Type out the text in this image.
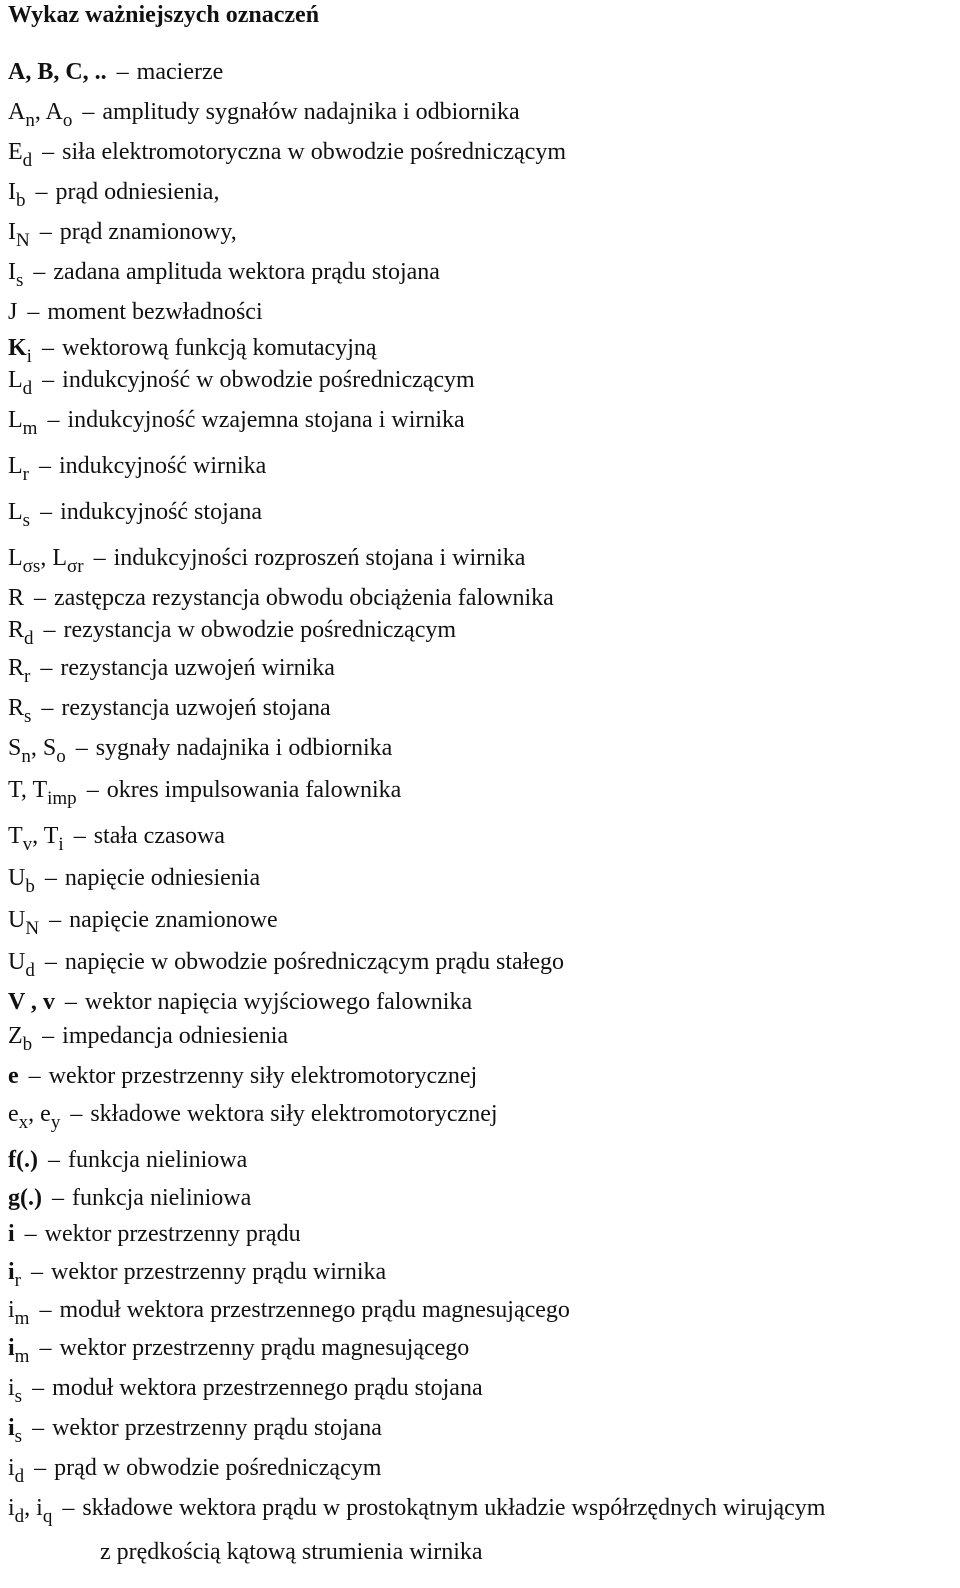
Wykaz ważniejszych oznaczeń
A, B, C, .. – macierze
$A_n$, $A_o$ – amplitudy sygnałów nadajnika i odbiornika
$E_d$ – siła elektromotoryczna w obwodzie pośredniczącym
$I_b$ – prąd odniesienia,
$I_N$ – prąd znamionowy,
$I_s$ – zadana amplituda wektora prądu stojana
J – moment bezwładności
$K_i$ – wektorową funkcją komutacyjną
$L_d$ – indukcyjność w obwodzie pośredniczącym
$L_m$ – indukcyjność wzajemna stojana i wirnika
$L_r$ – indukcyjność wirnika
$L_s$ – indukcyjność stojana
$L_{\sigma s}$, $L_{\sigma r}$ – indukcyjności rozproszeń stojana i wirnika
R – zastępcza rezystancja obwodu obciążenia falownika
$R_d$ – rezystancja w obwodzie pośredniczącym
$R_r$ – rezystancja uzwojeń wirnika
$R_s$ – rezystancja uzwojeń stojana
$S_n$, $S_o$ – sygnały nadajnika i odbiornika
T, $T_{imp}$ – okres impulsowania falownika
$T_v$, $T_i$ – stała czasowa
$U_b$ – napięcie odniesienia
$U_N$ – napięcie znamionowe
$U_d$ – napięcie w obwodzie pośredniczącym prądu stałego
V , v – wektor napięcia wyjściowego falownika
$Z_b$ – impedancja odniesienia
e – wektor przestrzenny siły elektromotorycznej
$e_x$, $e_y$ – składowe wektora siły elektromotorycznej
f(.) – funkcja nieliniowa
g(.) – funkcja nieliniowa
i – wektor przestrzenny prądu
$i_r$ – wektor przestrzenny prądu wirnika
$i_m$ – moduł wektora przestrzennego prądu magnesującego
$i_m$ – wektor przestrzenny prądu magnesującego
$i_s$ – moduł wektora przestrzennego prądu stojana
$i_s$ – wektor przestrzenny prądu stojana
$i_d$ – prąd w obwodzie pośredniczącym
$i_d$, $i_q$ – składowe wektora prądu w prostokątnym układzie współrzędnych wirującym
z prędkością kątową strumienia wirnika
